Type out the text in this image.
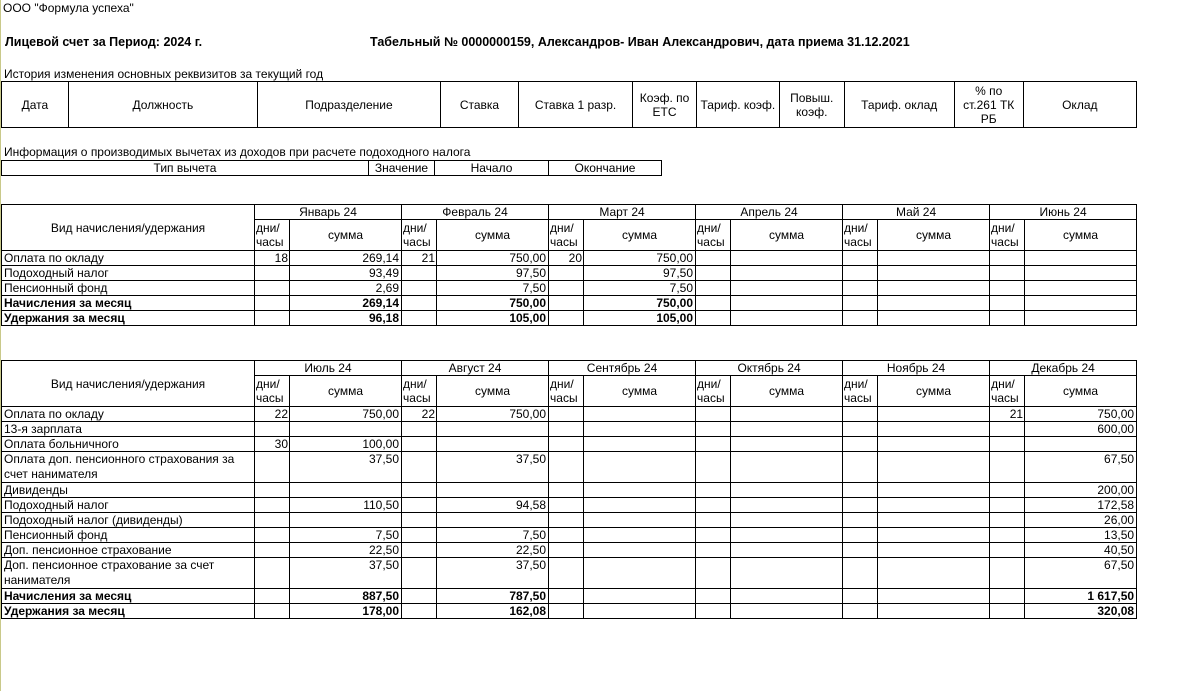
ООО "Формула успеха"
Лицевой счет за Период: 2024 г.	Табельный № 0000000159, Александров- Иван Александрович, дата приема 31.12.2021
История изменения основных реквизитов за текущий год
Дата	Должность	Подразделение	Ставка	Ставка 1 разр.	Коэф. по ЕТС	Тариф. коэф.	Повыш. коэф.	Тариф. оклад	% по ст.261 ТК РБ	Оклад
Информация о производимых вычетах из доходов при расчете подоходного налога
Тип вычета	Значение	Начало	Окончание
Вид начисления/удержания	Январь 24		Февраль 24		Март 24		Апрель 24		Май 24		Июнь 24	
	дни/ часы	сумма	дни/ часы	сумма	дни/ часы	сумма	дни/ часы	сумма	дни/ часы	сумма	дни/ часы	сумма
Оплата по окладу	18	269,14	21	750,00	20	750,00						
Подоходный налог		93,49		97,50		97,50						
Пенсионный фонд		2,69		7,50		7,50						
Начисления за месяц		269,14		750,00		750,00						
Удержания за месяц		96,18		105,00		105,00						
Вид начисления/удержания	Июль 24		Август 24		Сентябрь 24		Октябрь 24		Ноябрь 24		Декабрь 24	
	дни/ часы	сумма	дни/ часы	сумма	дни/ часы	сумма	дни/ часы	сумма	дни/ часы	сумма	дни/ часы	сумма
Оплата по окладу	22	750,00	22	750,00							21	750,00
13-я зарплата												600,00
Оплата больничного	30	100,00										
Оплата доп. пенсионного страхования за счет нанимателя		37,50		37,50								67,50
Дивиденды												200,00
Подоходный налог		110,50		94,58								172,58
Подоходный налог (дивиденды)												26,00
Пенсионный фонд		7,50		7,50								13,50
Доп. пенсионное страхование		22,50		22,50								40,50
Доп. пенсионное страхование за счет нанимателя		37,50		37,50								67,50
Начисления за месяц		887,50		787,50								1 617,50
Удержания за месяц		178,00		162,08								320,08
